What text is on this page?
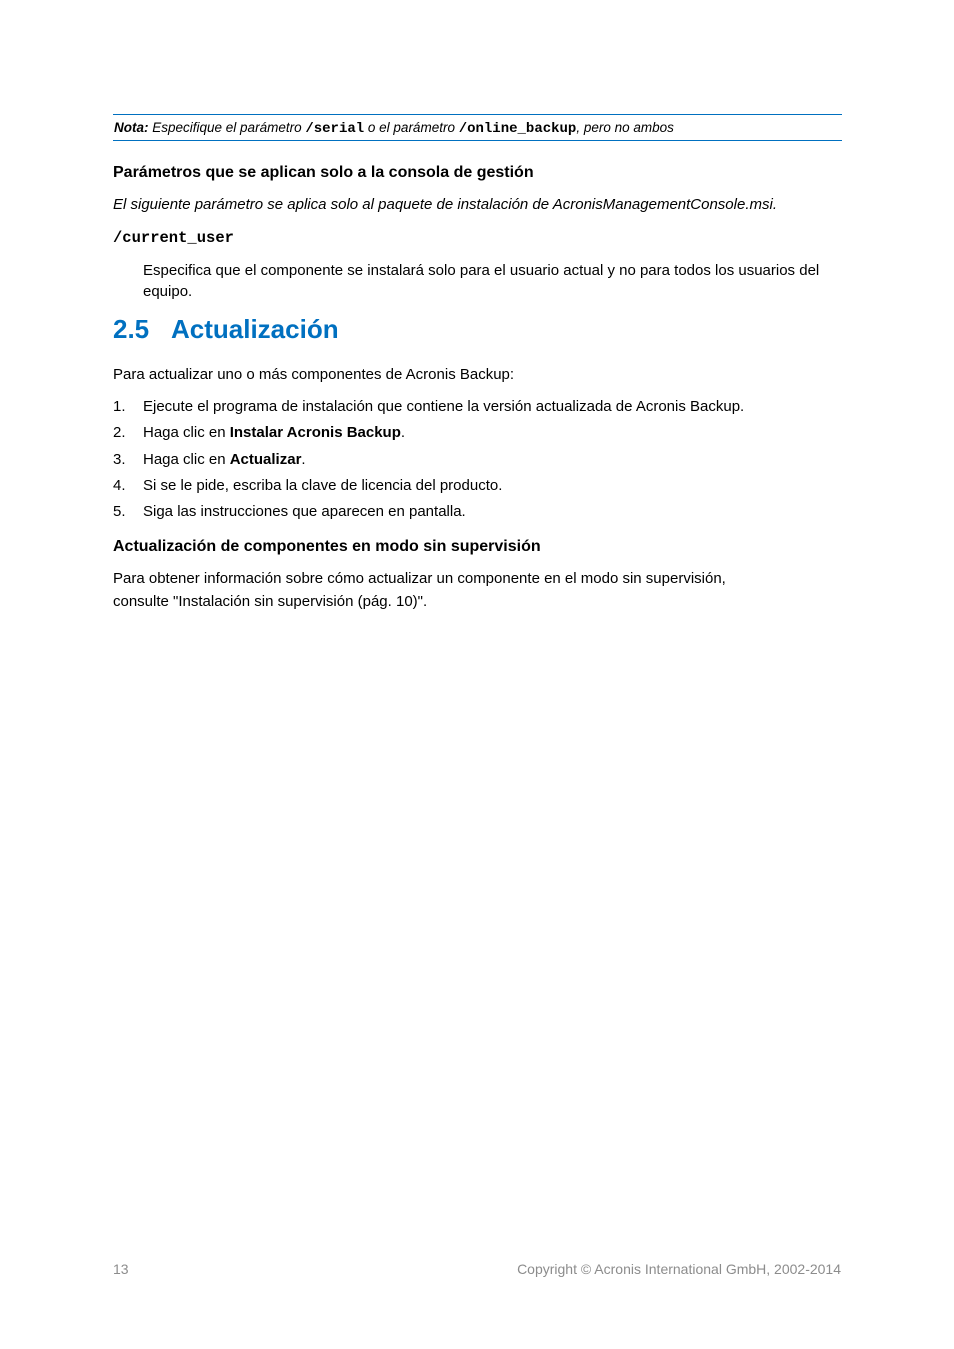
Nota: Especifique el parámetro /serial o el parámetro /online_backup, pero no ambos
Parámetros que se aplican solo a la consola de gestión
El siguiente parámetro se aplica solo al paquete de instalación de AcronisManagementConsole.msi.
/current_user
Especifica que el componente se instalará solo para el usuario actual y no para todos los usuarios del equipo.
2.5 Actualización
Para actualizar uno o más componentes de Acronis Backup:
1. Ejecute el programa de instalación que contiene la versión actualizada de Acronis Backup.
2. Haga clic en Instalar Acronis Backup.
3. Haga clic en Actualizar.
4. Si se le pide, escriba la clave de licencia del producto.
5. Siga las instrucciones que aparecen en pantalla.
Actualización de componentes en modo sin supervisión
Para obtener información sobre cómo actualizar un componente en el modo sin supervisión,
consulte "Instalación sin supervisión (pág. 10)".
13	Copyright © Acronis International GmbH, 2002-2014
